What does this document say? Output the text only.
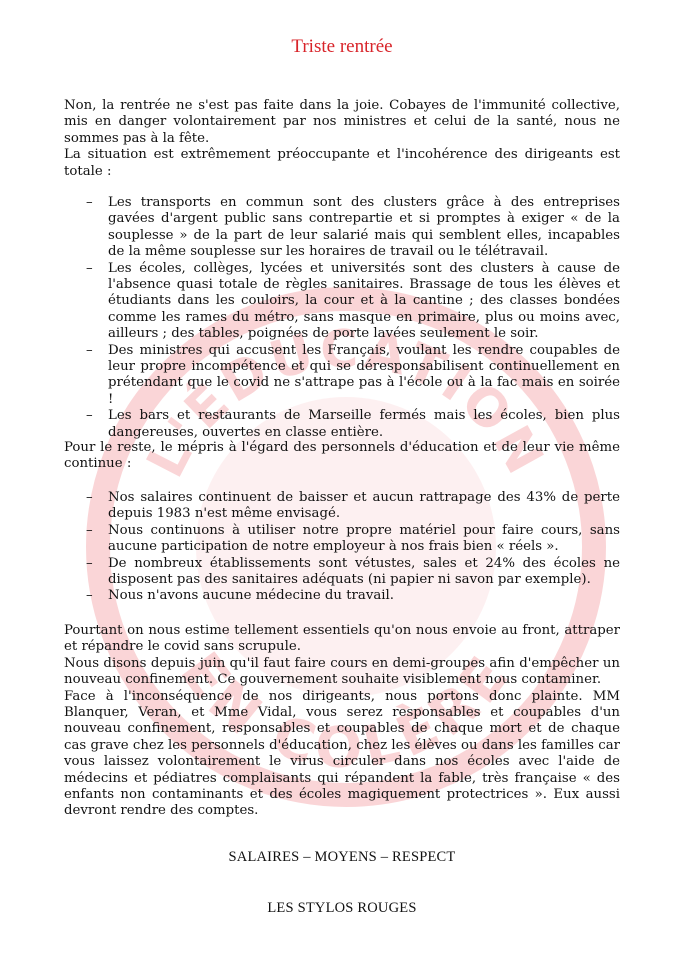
L'ÉDUCATION
EN COLÈRE
Triste rentrée

Non, la rentrée ne s'est pas faite dans la joie. Cobayes de l'immunité collective, mis en danger volontairement par nos ministres et celui de la santé, nous ne sommes pas à la fête.

La situation est extrêmement préoccupante et l'incohérence des dirigeants est totale :

– Les transports en commun sont des clusters grâce à des entreprises gavées d'argent public sans contrepartie et si promptes à exiger « de la souplesse » de la part de leur salarié mais qui semblent elles, incapables de la même souplesse sur les horaires de travail ou le télétravail.
– Les écoles, collèges, lycées et universités sont des clusters à cause de l'absence quasi totale de règles sanitaires. Brassage de tous les élèves et étudiants dans les couloirs, la cour et à la cantine ; des classes bondées comme les rames du métro, sans masque en primaire, plus ou moins avec, ailleurs ; des tables, poignées de porte lavées seulement le soir.
– Des ministres qui accusent les Français, voulant les rendre coupables de leur propre incompétence et qui se déresponsabilisent continuellement en prétendant que le covid ne s'attrape pas à l'école ou à la fac mais en soirée !
– Les bars et restaurants de Marseille fermés mais les écoles, bien plus dangereuses, ouvertes en classe entière.
Pour le reste, le mépris à l'égard des personnels d'éducation et de leur vie même continue :
– Nos salaires continuent de baisser et aucun rattrapage des 43% de perte depuis 1983 n'est même envisagé.
– Nous continuons à utiliser notre propre matériel pour faire cours, sans aucune participation de notre employeur à nos frais bien « réels ».
– De nombreux établissements sont vétustes, sales et 24% des écoles ne disposent pas des sanitaires adéquats (ni papier ni savon par exemple).
– Nous n'avons aucune médecine du travail.

Pourtant on nous estime tellement essentiels qu'on nous envoie au front, attraper et répandre le covid sans scrupule.

Nous disons depuis juin qu'il faut faire cours en demi-groupes afin d'empêcher un nouveau confinement. Ce gouvernement souhaite visiblement nous contaminer.

Face à l'inconséquence de nos dirigeants, nous portons donc plainte. MM Blanquer, Veran, et Mme Vidal, vous serez responsables et coupables d'un nouveau confinement, responsables et coupables de chaque mort et de chaque cas grave chez les personnels d'éducation, chez les élèves ou dans les familles car vous laissez volontairement le virus circuler dans nos écoles avec l'aide de médecins et pédiatres complaisants qui répandent la fable, très française « des enfants non contaminants et des écoles magiquement protectrices ». Eux aussi devront rendre des comptes.

SALAIRES – MOYENS – RESPECT
LES STYLOS ROUGES
